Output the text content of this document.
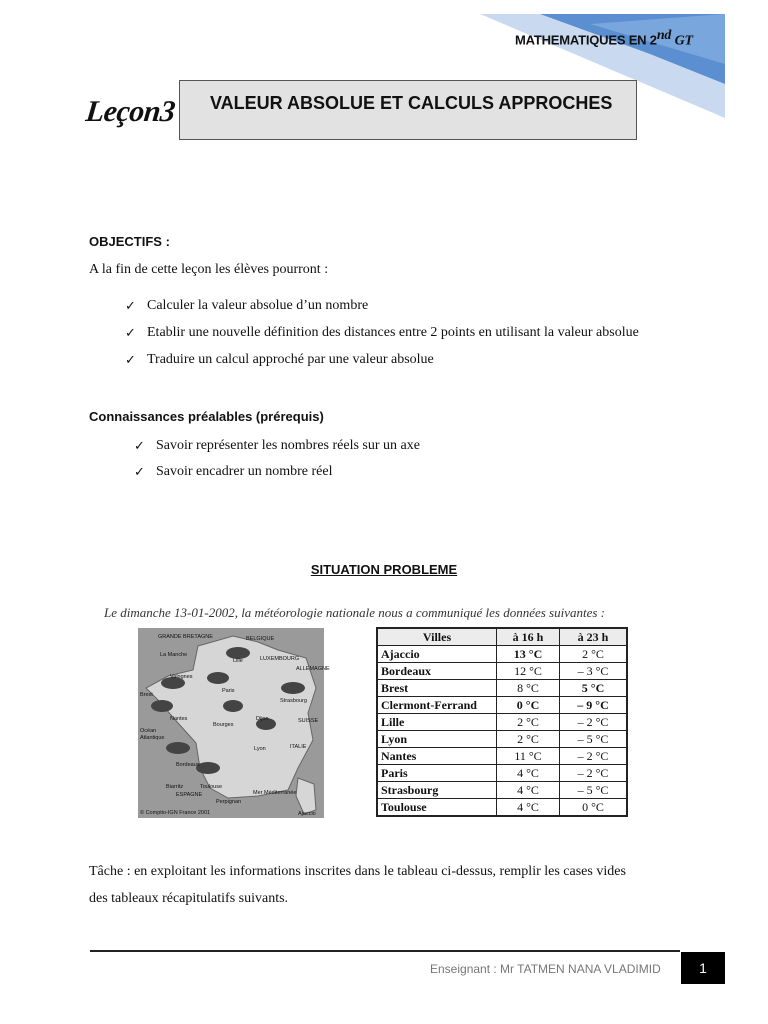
MATHEMATIQUES EN 2nd GT
Leçon3 VALEUR ABSOLUE ET CALCULS APPROCHES
OBJECTIFS :
A la fin de cette leçon les élèves pourront :
✓ Calculer la valeur absolue d’un nombre
✓ Etablir une nouvelle définition des distances entre 2 points en utilisant la valeur absolue
✓ Traduire un calcul approché par une valeur absolue
Connaissances préalables (prérequis)
✓ Savoir représenter les nombres réels sur un axe
✓ Savoir encadrer un nombre réel
SITUATION PROBLEME
Le dimanche 13-01-2002, la météorologie nationale nous a communiqué les données suivantes :
GRANDE BRETAGNE	BELGIQUE
La Manche
Lille	LUXEMBOURG
ALLEMAGNE
Valognes
Brest
Paris
Strasbourg
Nantes
Bourges
Dijon	SUISSE
Océan
Atlantique
Lyon	ITALIE
Bordeaux
Biarritz	Toulouse
ESPAGNE
Perpignan
Mer Méditerranée
© Comptio-IGN France 2001	Ajaccio
Villes	à 16 h	à 23 h
Ajaccio	13 °C	2 °C
Bordeaux	12 °C	– 3 °C
Brest	8 °C	5 °C
Clermont-Ferrand	0 °C	– 9 °C
Lille	2 °C	– 2 °C
Lyon	2 °C	– 5 °C
Nantes	11 °C	– 2 °C
Paris	4 °C	– 2 °C
Strasbourg	4 °C	– 5 °C
Toulouse	4 °C	0 °C
Tâche : en exploitant les informations inscrites dans le tableau ci-dessus, remplir les cases vides
des tableaux récapitulatifs suivants.
Enseignant : Mr TATMEN NANA VLADIMID	1
